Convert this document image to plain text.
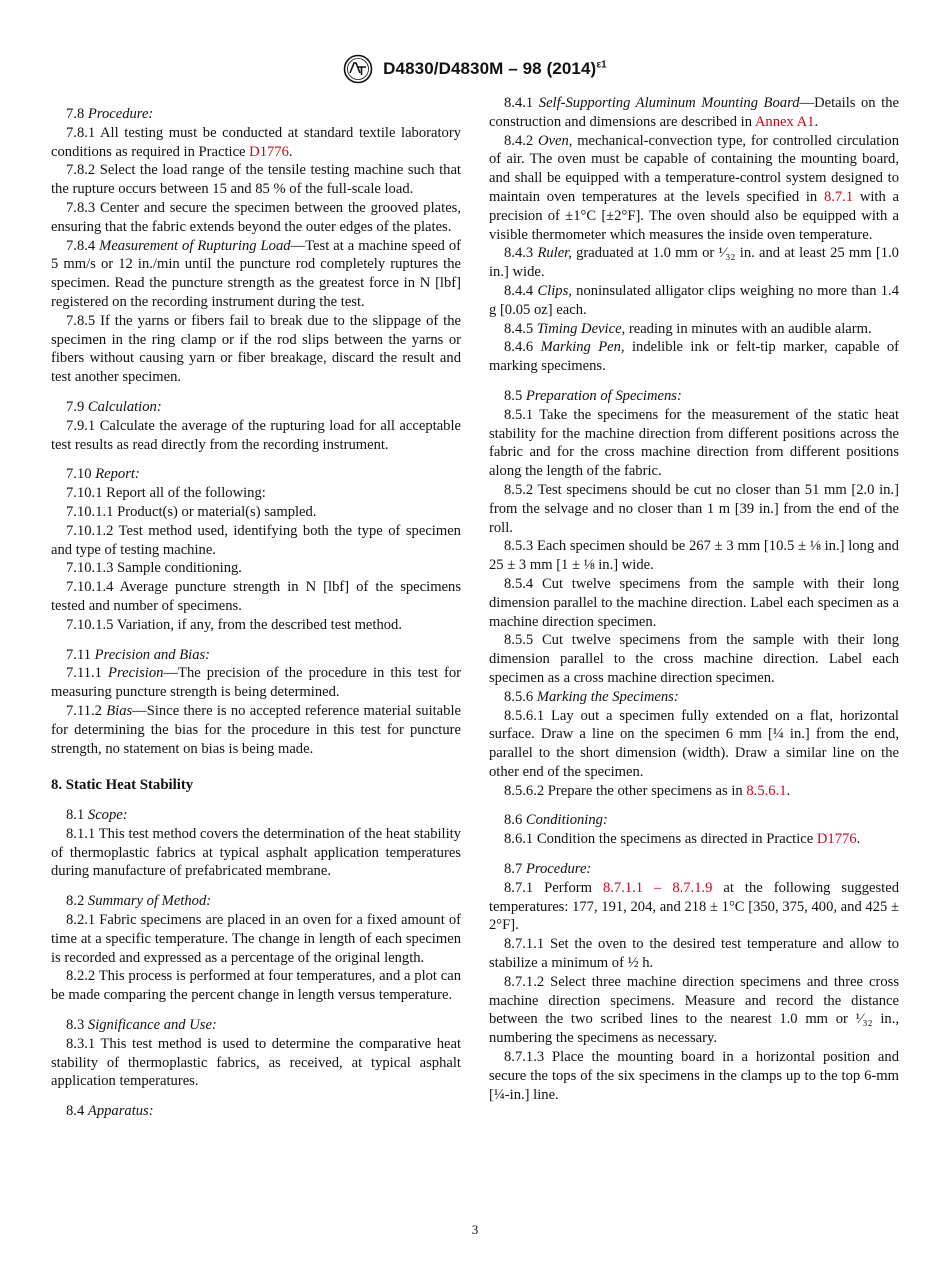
D4830/D4830M – 98 $(2014)^{\varepsilon 1}$

7.8 Procedure:

7.8.1 All testing must be conducted at standard textile laboratory conditions as required in Practice D1776.

7.8.2 Select the load range of the tensile testing machine such that the rupture occurs between 15 and 85 % of the full-scale load.

7.8.3 Center and secure the specimen between the grooved plates, ensuring that the fabric extends beyond the outer edges of the plates.

7.8.4 Measurement of Rupturing Load—Test at a machine speed of 5 mm/s or 12 in./min until the puncture rod completely ruptures the specimen. Read the puncture strength as the greatest force in N [lbf] registered on the recording instrument during the test.

7.8.5 If the yarns or fibers fail to break due to the slippage of the specimen in the ring clamp or if the rod slips between the yarns or fibers without causing yarn or fiber breakage, discard the result and test another specimen.

7.9 Calculation:

7.9.1 Calculate the average of the rupturing load for all acceptable test results as read directly from the recording instrument.

7.10 Report:

7.10.1 Report all of the following:

7.10.1.1 Product(s) or material(s) sampled.

7.10.1.2 Test method used, identifying both the type of specimen and type of testing machine.

7.10.1.3 Sample conditioning.

7.10.1.4 Average puncture strength in N [lbf] of the specimens tested and number of specimens.

7.10.1.5 Variation, if any, from the described test method.

7.11 Precision and Bias:

7.11.1 Precision—The precision of the procedure in this test for measuring puncture strength is being determined.

7.11.2 Bias—Since there is no accepted reference material suitable for determining the bias for the procedure in this test for puncture strength, no statement on bias is being made.

8. Static Heat Stability

8.1 Scope:

8.1.1 This test method covers the determination of the heat stability of thermoplastic fabrics at typical asphalt application temperatures during manufacture of prefabricated membrane.

8.2 Summary of Method:

8.2.1 Fabric specimens are placed in an oven for a fixed amount of time at a specific temperature. The change in length of each specimen is recorded and expressed as a percentage of the original length.

8.2.2 This process is performed at four temperatures, and a plot can be made comparing the percent change in length versus temperature.

8.3 Significance and Use:

8.3.1 This test method is used to determine the comparative heat stability of thermoplastic fabrics, as received, at typical asphalt application temperatures.

8.4 Apparatus:

8.4.1 Self-Supporting Aluminum Mounting Board—Details on the construction and dimensions are described in Annex A1.

8.4.2 Oven, mechanical-convection type, for controlled circulation of air. The oven must be capable of containing the mounting board, and shall be equipped with a temperature-control system designed to maintain oven temperatures at the levels specified in 8.7.1 with a precision of ±1°C [±2°F]. The oven should also be equipped with a visible thermometer which measures the inside oven temperature.

8.4.3 Ruler, graduated at 1.0 mm or ¹⁄₃₂ in. and at least 25 mm [1.0 in.] wide.

8.4.4 Clips, noninsulated alligator clips weighing no more than 1.4 g [0.05 oz] each.

8.4.5 Timing Device, reading in minutes with an audible alarm.

8.4.6 Marking Pen, indelible ink or felt-tip marker, capable of marking specimens.

8.5 Preparation of Specimens:

8.5.1 Take the specimens for the measurement of the static heat stability for the machine direction from different positions across the fabric and for the cross machine direction from different positions along the length of the fabric.

8.5.2 Test specimens should be cut no closer than 51 mm [2.0 in.] from the selvage and no closer than 1 m [39 in.] from the end of the roll.

8.5.3 Each specimen should be 267 ± 3 mm [10.5 ± ⅛ in.] long and 25 ± 3 mm [1 ± ⅛ in.] wide.

8.5.4 Cut twelve specimens from the sample with their long dimension parallel to the machine direction. Label each specimen as a machine direction specimen.

8.5.5 Cut twelve specimens from the sample with their long dimension parallel to the cross machine direction. Label each specimen as a cross machine direction specimen.

8.5.6 Marking the Specimens:

8.5.6.1 Lay out a specimen fully extended on a flat, horizontal surface. Draw a line on the specimen 6 mm [¼ in.] from the end, parallel to the short dimension (width). Draw a similar line on the other end of the specimen.

8.5.6.2 Prepare the other specimens as in 8.5.6.1.

8.6 Conditioning:

8.6.1 Condition the specimens as directed in Practice D1776.

8.7 Procedure:

8.7.1 Perform 8.7.1.1 – 8.7.1.9 at the following suggested temperatures: 177, 191, 204, and 218 ± 1°C [350, 375, 400, and 425 ± 2°F].

8.7.1.1 Set the oven to the desired test temperature and allow to stabilize a minimum of ½ h.

8.7.1.2 Select three machine direction specimens and three cross machine direction specimens. Measure and record the distance between the two scribed lines to the nearest 1.0 mm or ¹⁄₃₂ in., numbering the specimens as necessary.

8.7.1.3 Place the mounting board in a horizontal position and secure the tops of the six specimens in the clamps up to the top 6-mm [¼-in.] line.

3
